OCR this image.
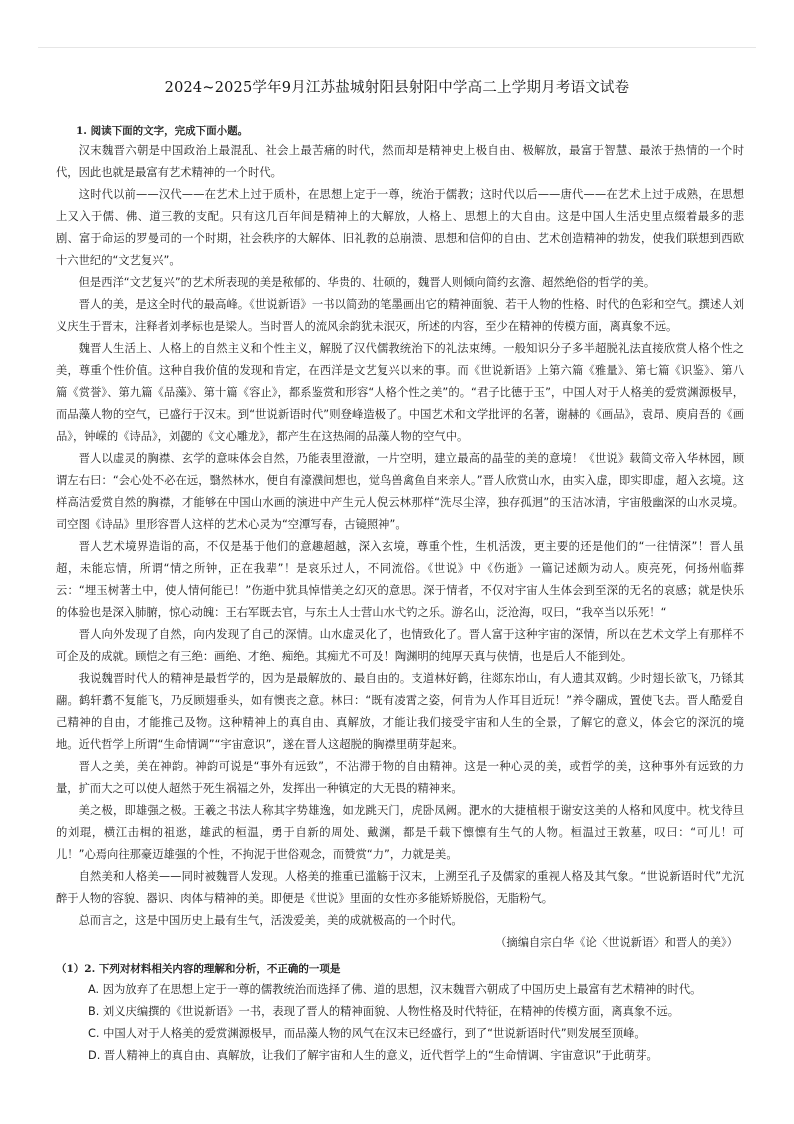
2024~2025学年9月江苏盐城射阳县射阳中学高二上学期月考语文试卷
1. 阅读下面的文字，完成下面小题。

汉末魏晋六朝是中国政治上最混乱、社会上最苦痛的时代，然而却是精神史上极自由、极解放，最富于智慧、最浓于热情的一个时代，因此也就是最富有艺术精神的一个时代。

这时代以前——汉代——在艺术上过于质朴，在思想上定于一尊，统治于儒教；这时代以后——唐代——在艺术上过于成熟，在思想上又入于儒、佛、道三教的支配。只有这几百年间是精神上的大解放，人格上、思想上的大自由。这是中国人生活史里点缀着最多的悲剧、富于命运的罗曼司的一个时期，社会秩序的大解体、旧礼教的总崩溃、思想和信仰的自由、艺术创造精神的勃发，使我们联想到西欧十六世纪的“文艺复兴”。

但是西洋“文艺复兴”的艺术所表现的美是秾郁的、华贵的、壮硕的，魏晋人则倾向简约玄澹、超然绝俗的哲学的美。

晋人的美，是这全时代的最高峰。《世说新语》一书以简劲的笔墨画出它的精神面貌、若干人物的性格、时代的色彩和空气。撰述人刘义庆生于晋末，注释者刘孝标也是梁人。当时晋人的流风余韵犹未泯灭，所述的内容，至少在精神的传模方面，离真象不远。

魏晋人生活上、人格上的自然主义和个性主义，解脱了汉代儒教统治下的礼法束缚。一般知识分子多半超脱礼法直接欣赏人格个性之美，尊重个性价值。这种自我价值的发现和肯定，在西洋是文艺复兴以来的事。而《世说新语》上第六篇《雅量》、第七篇《识鉴》、第八篇《赏誉》、第九篇《品藻》、第十篇《容止》，都系鉴赏和形容“人格个性之美”的。“君子比德于玉”，中国人对于人格美的爱赏渊源极早，而品藻人物的空气，已盛行于汉末。到“世说新语时代”则登峰造极了。中国艺术和文学批评的名著，谢赫的《画品》，袁昂、庾肩吾的《画品》，钟嵘的《诗品》，刘勰的《文心雕龙》，都产生在这热闹的品藻人物的空气中。

晋人以虚灵的胸襟、玄学的意味体会自然，乃能表里澄澈，一片空明，建立最高的晶莹的美的意境！《世说》载简文帝入华林园，顾谓左右曰：“会心处不必在远，翳然林水，便自有濠濮间想也，觉鸟兽禽鱼自来亲人。”晋人欣赏山水，由实入虚，即实即虚，超入玄境。这样高洁爱赏自然的胸襟，才能够在中国山水画的演进中产生元人倪云林那样“洗尽尘滓，独存孤迥”的玉洁冰清，宇宙般幽深的山水灵境。司空图《诗品》里形容晋人这样的艺术心灵为“空潭写春，古镜照神”。

晋人艺术境界造诣的高，不仅是基于他们的意趣超越，深入玄境，尊重个性，生机活泼，更主要的还是他们的“一往情深”！晋人虽超，未能忘情，所谓“情之所钟，正在我辈”！是哀乐过人，不同流俗。《世说》中《伤逝》一篇记述颇为动人。庾亮死，何扬州临葬云：“埋玉树著土中，使人情何能已！”伤逝中犹具悼惜美之幻灭的意思。深于情者，不仅对宇宙人生体会到至深的无名的哀感；就是快乐的体验也是深入肺腑，惊心动魄：王右军既去官，与东土人士营山水弋钓之乐。游名山，泛沧海，叹曰，“我卒当以乐死！“

晋人向外发现了自然，向内发现了自己的深情。山水虚灵化了，也情致化了。晋人富于这种宇宙的深情，所以在艺术文学上有那样不可企及的成就。顾恺之有三绝：画绝、才绝、痴绝。其痴尤不可及！陶渊明的纯厚天真与侠情，也是后人不能到处。

我说魏晋时代人的精神是最哲学的，因为是最解放的、最自由的。支道林好鹤，往郯东岇山，有人遗其双鹤。少时翅长欲飞，乃铩其翮。鹤轩翥不复能飞，乃反顾翅垂头，如有懊丧之意。林曰：“既有凌霄之姿，何肯为人作耳目近玩！”养令翮成，置使飞去。晋人酷爱自己精神的自由，才能推己及物。这种精神上的真自由、真解放，才能让我们接受宇宙和人生的全景，了解它的意义，体会它的深沉的境地。近代哲学上所谓“生命情调”“宇宙意识”，遂在晋人这超脱的胸襟里萌芽起来。

晋人之美，美在神韵。神韵可说是“事外有远致”，不沾滞于物的自由精神。这是一种心灵的美，或哲学的美，这种事外有远致的力量，扩而大之可以使人超然于死生祸福之外，发挥出一种镇定的大无畏的精神来。

美之极，即雄强之极。王羲之书法人称其字势雄逸，如龙跳天门，虎卧凤阙。淝水的大捷植根于谢安这美的人格和风度中。枕戈待旦的刘琨，横江击楫的祖逖，雄武的桓温，勇于自新的周处、戴渊，都是千载下懔懔有生气的人物。桓温过王敦墓，叹曰：“可儿！可儿！”心焉向往那豪迈雄强的个性，不拘泥于世俗观念，而赞赏“力”，力就是美。

自然美和人格美——同时被魏晋人发现。人格美的推重已滥觞于汉末，上溯至孔子及儒家的重视人格及其气象。“世说新语时代”尤沉醉于人物的容貌、器识、肉体与精神的美。即便是《世说》里面的女性亦多能矫矫脱俗，无脂粉气。

总而言之，这是中国历史上最有生气，活泼爱美，美的成就极高的一个时代。

（摘编自宗白华《论〈世说新语〉和晋人的美》）

（1）2. 下列对材料相关内容的理解和分析，不正确的一项是
A. 因为放弃了在思想上定于一尊的儒教统治而选择了佛、道的思想，汉末魏晋六朝成了中国历史上最富有艺术精神的时代。
B. 刘义庆编撰的《世说新语》一书，表现了晋人的精神面貌、人物性格及时代特征，在精神的传模方面，离真象不远。
C. 中国人对于人格美的爱赏渊源极早，而品藻人物的风气在汉末已经盛行，到了“世说新语时代”则发展至顶峰。
D. 晋人精神上的真自由、真解放，让我们了解宇宙和人生的意义，近代哲学上的“生命情调、宇宙意识”于此萌芽。
